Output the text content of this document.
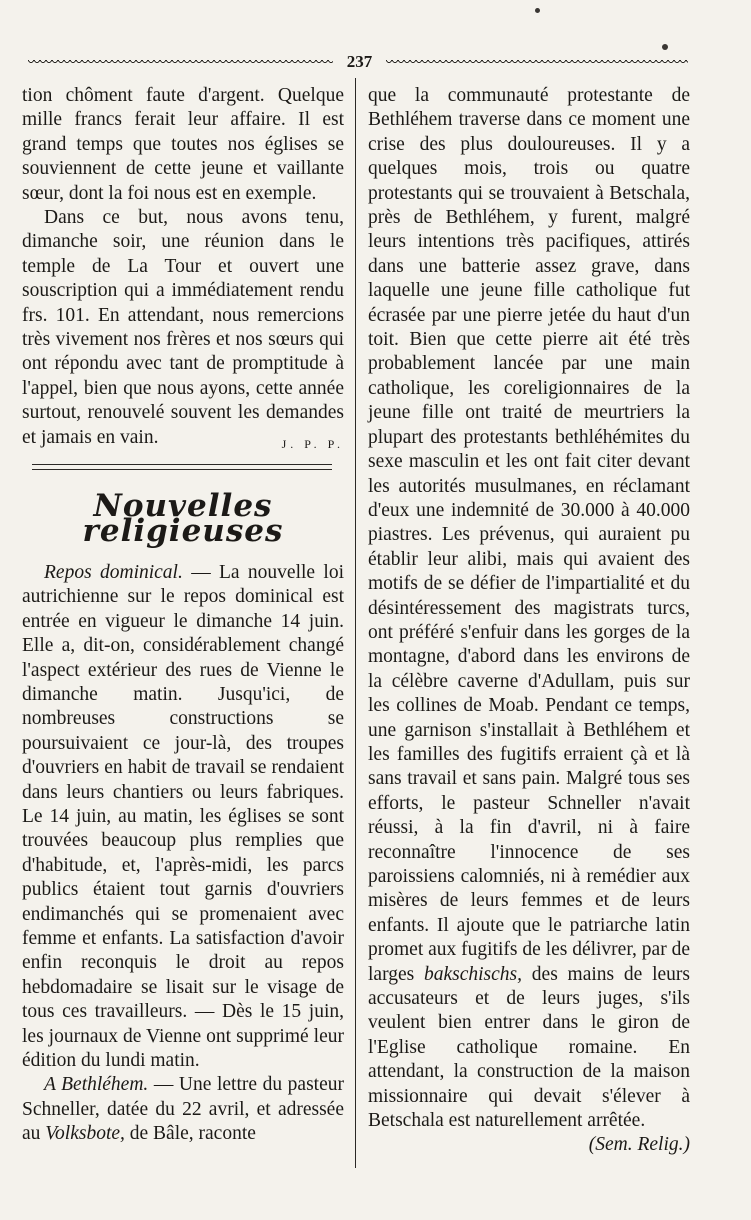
237

tion chôment faute d'argent. Quelque mille francs ferait leur affaire. Il est grand temps que toutes nos églises se souviennent de cette jeune et vaillante sœur, dont la foi nous est en exemple.

Dans ce but, nous avons tenu, dimanche soir, une réunion dans le temple de La Tour et ouvert une souscription qui a immédiatement rendu frs. 101. En attendant, nous remercions très vivement nos frères et nos sœurs qui ont répondu avec tant de promptitude à l'appel, bien que nous ayons, cette année surtout, renouvelé souvent les demandes et jamais en vain.	J. P. P.

Nouvelles religieuses

Repos dominical. — La nouvelle loi autrichienne sur le repos dominical est entrée en vigueur le dimanche 14 juin. Elle a, dit-on, considérablement changé l'aspect extérieur des rues de Vienne le dimanche matin. Jusqu'ici, de nombreuses constructions se poursuivaient ce jour-là, des troupes d'ouvriers en habit de travail se rendaient dans leurs chantiers ou leurs fabriques. Le 14 juin, au matin, les églises se sont trouvées beaucoup plus remplies que d'habitude, et, l'après-midi, les parcs publics étaient tout garnis d'ouvriers endimanchés qui se promenaient avec femme et enfants. La satisfaction d'avoir enfin reconquis le droit au repos hebdomadaire se lisait sur le visage de tous ces travailleurs. — Dès le 15 juin, les journaux de Vienne ont supprimé leur édition du lundi matin.

A Bethléhem. — Une lettre du pasteur Schneller, datée du 22 avril, et adressée au Volksbote, de Bâle, raconte

que la communauté protestante de Bethléhem traverse dans ce moment une crise des plus douloureuses. Il y a quelques mois, trois ou quatre protestants qui se trouvaient à Betschala, près de Bethléhem, y furent, malgré leurs intentions très pacifiques, attirés dans une batterie assez grave, dans laquelle une jeune fille catholique fut écrasée par une pierre jetée du haut d'un toit. Bien que cette pierre ait été très probablement lancée par une main catholique, les coreligionnaires de la jeune fille ont traité de meurtriers la plupart des protestants bethléhémites du sexe masculin et les ont fait citer devant les autorités musulmanes, en réclamant d'eux une indemnité de 30.000 à 40.000 piastres. Les prévenus, qui auraient pu établir leur alibi, mais qui avaient des motifs de se défier de l'impartialité et du désintéressement des magistrats turcs, ont préféré s'enfuir dans les gorges de la montagne, d'abord dans les environs de la célèbre caverne d'Adullam, puis sur les collines de Moab. Pendant ce temps, une garnison s'installait à Bethléhem et les familles des fugitifs erraient çà et là sans travail et sans pain. Malgré tous ses efforts, le pasteur Schneller n'avait réussi, à la fin d'avril, ni à faire reconnaître l'innocence de ses paroissiens calomniés, ni à remédier aux misères de leurs femmes et de leurs enfants. Il ajoute que le patriarche latin promet aux fugitifs de les délivrer, par de larges bakschischs, des mains de leurs accusateurs et de leurs juges, s'ils veulent bien entrer dans le giron de l'Eglise catholique romaine. En attendant, la construction de la maison missionnaire qui devait s'élever à Betschala est naturellement arrêtée.
(Sem. Relig.)
